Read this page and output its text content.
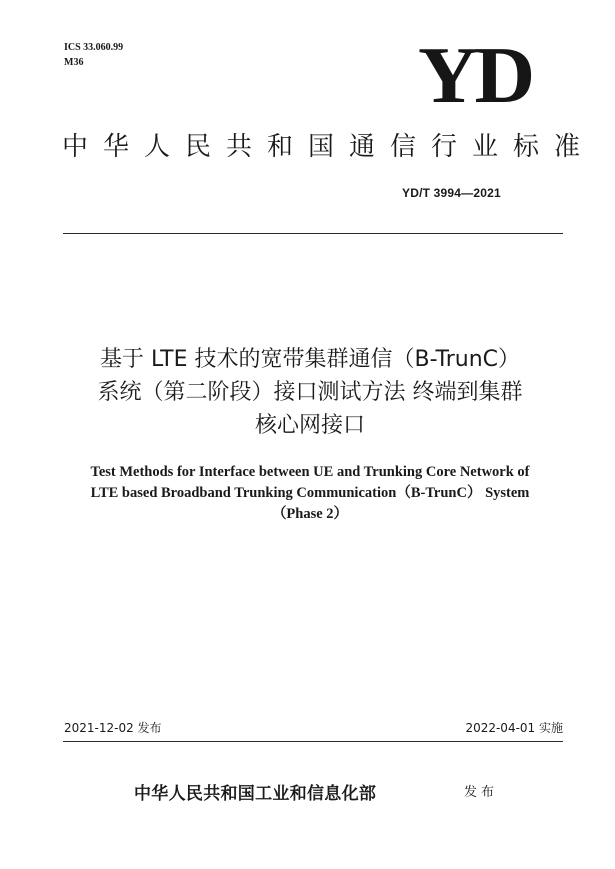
ICS 33.060.99
M36	YD
中华人民共和国通信行业标准
YD/T 3994—2021
基于 LTE 技术的宽带集群通信（B-TrunC）
系统（第二阶段）接口测试方法 终端到集群
核心网接口
Test Methods for Interface between UE and Trunking Core Network of
LTE based Broadband Trunking Communication（B-TrunC） System
（Phase 2）
2021-12-02 发布	2022-04-01 实施
中华人民共和国工业和信息化部	发布
